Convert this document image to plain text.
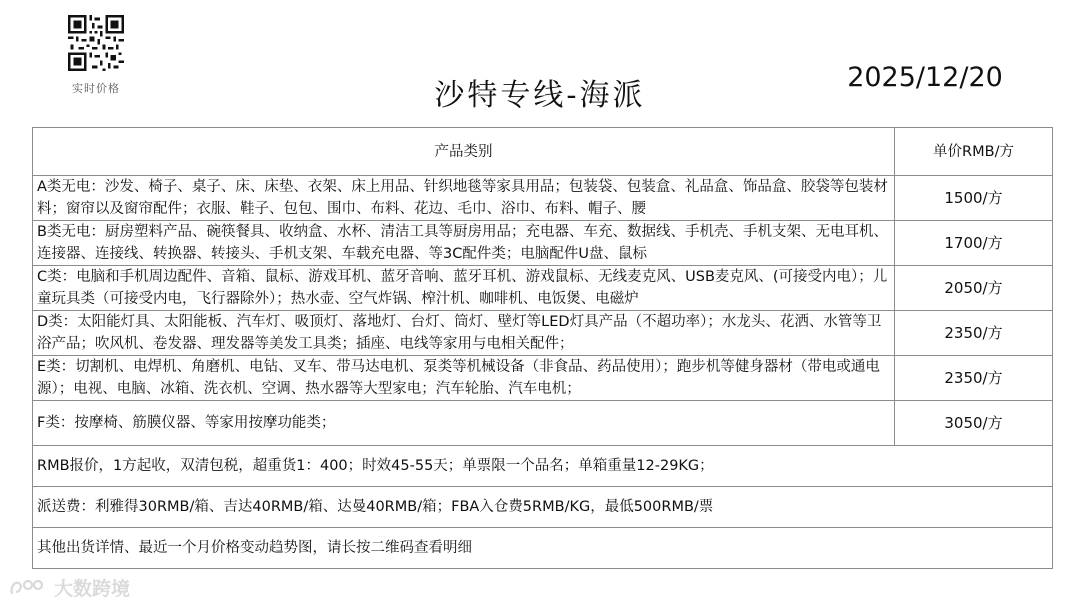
实时价格	沙特专线-海派
2025/12/20
产品类别	单价RMB/方
A类无电：沙发、椅子、桌子、床、床垫、衣架、床上用品、针织地毯等家具用品；包装袋、包装盒、礼品盒、饰品盒、胶袋等包装材料；窗帘以及窗帘配件；衣服、鞋子、包包、围巾、布料、花边、毛巾、浴巾、布料、帽子、腰	1500/方
B类无电：厨房塑料产品、碗筷餐具、收纳盒、水杯、清洁工具等厨房用品；充电器、车充、数据线、手机壳、手机支架、无电耳机、连接器、连接线、转换器、转接头、手机支架、车载充电器、等3C配件类；电脑配件U盘、鼠标	1700/方
C类：电脑和手机周边配件、音箱、鼠标、游戏耳机、蓝牙音响、蓝牙耳机、游戏鼠标、无线麦克风、USB麦克风、(可接受内电）；儿童玩具类（可接受内电，飞行器除外）；热水壶、空气炸锅、榨汁机、咖啡机、电饭煲、电磁炉	2050/方
D类：太阳能灯具、太阳能板、汽车灯、吸顶灯、落地灯、台灯、筒灯、壁灯等LED灯具产品（不超功率）；水龙头、花洒、水管等卫浴产品；吹风机、卷发器、理发器等美发工具类；插座、电线等家用与电相关配件；	2350/方
E类：切割机、电焊机、角磨机、电钻、叉车、带马达电机、泵类等机械设备（非食品、药品使用）；跑步机等健身器材（带电或通电源）；电视、电脑、冰箱、洗衣机、空调、热水器等大型家电；汽车轮胎、汽车电机；	2350/方
F类：按摩椅、筋膜仪器、等家用按摩功能类；	3050/方
RMB报价，1方起收，双清包税，超重货1：400；时效45-55天；单票限一个品名；单箱重量12-29KG；	
派送费：利雅得30RMB/箱、吉达40RMB/箱、达曼40RMB/箱；FBA入仓费5RMB/KG，最低500RMB/票	
其他出货详情、最近一个月价格变动趋势图，请长按二维码查看明细	
大数跨境
